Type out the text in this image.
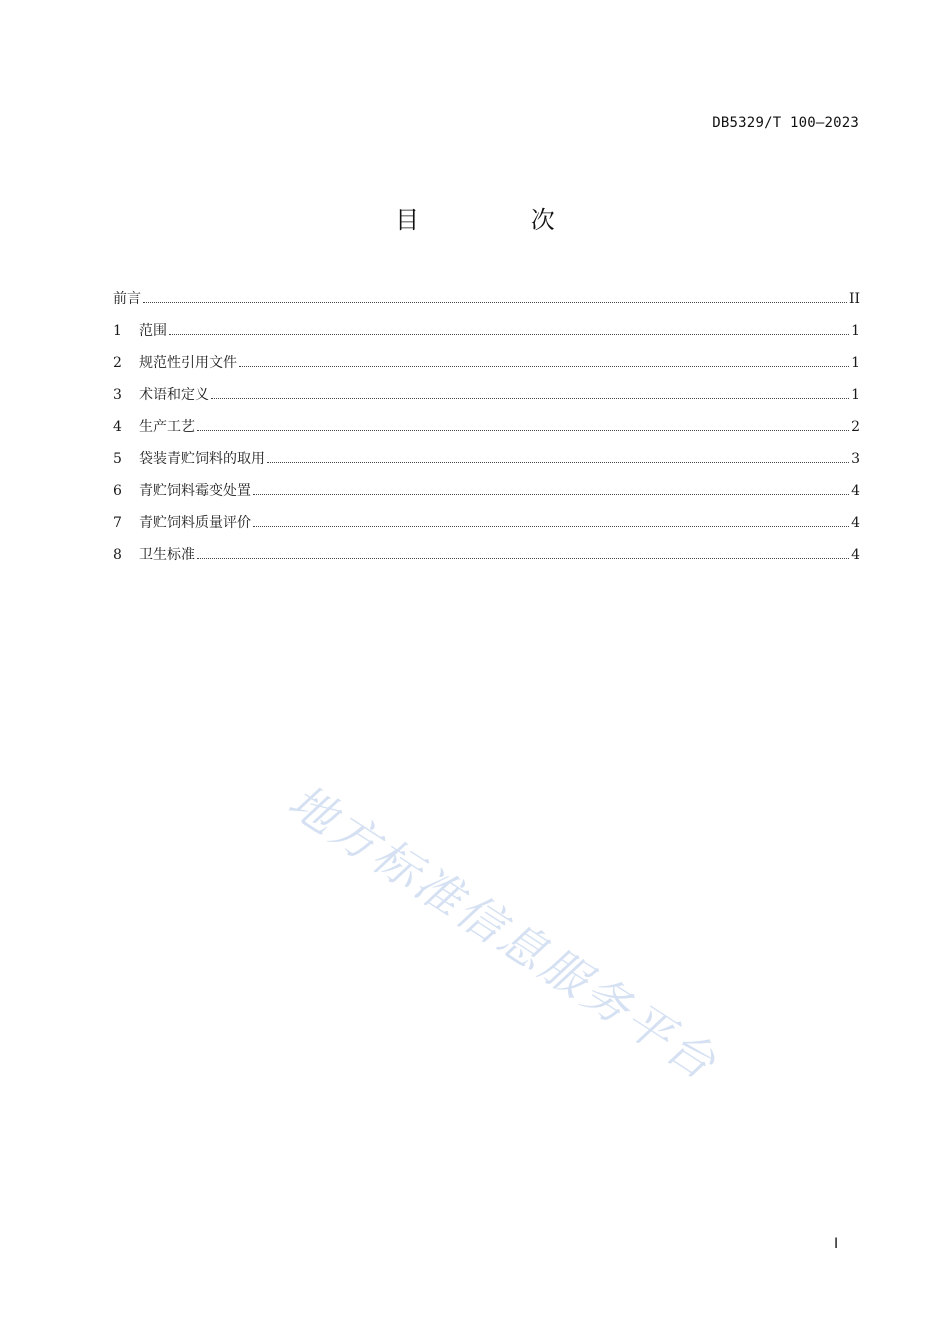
DB5329/T 100—2023
目 次
前言	II
1	范围	1
2	规范性引用文件	1
3	术语和定义	1
4	生产工艺	2
5	袋装青贮饲料的取用	3
6	青贮饲料霉变处置	4
7	青贮饲料质量评价	4
8	卫生标准	4
地方标准信息服务平台
I
